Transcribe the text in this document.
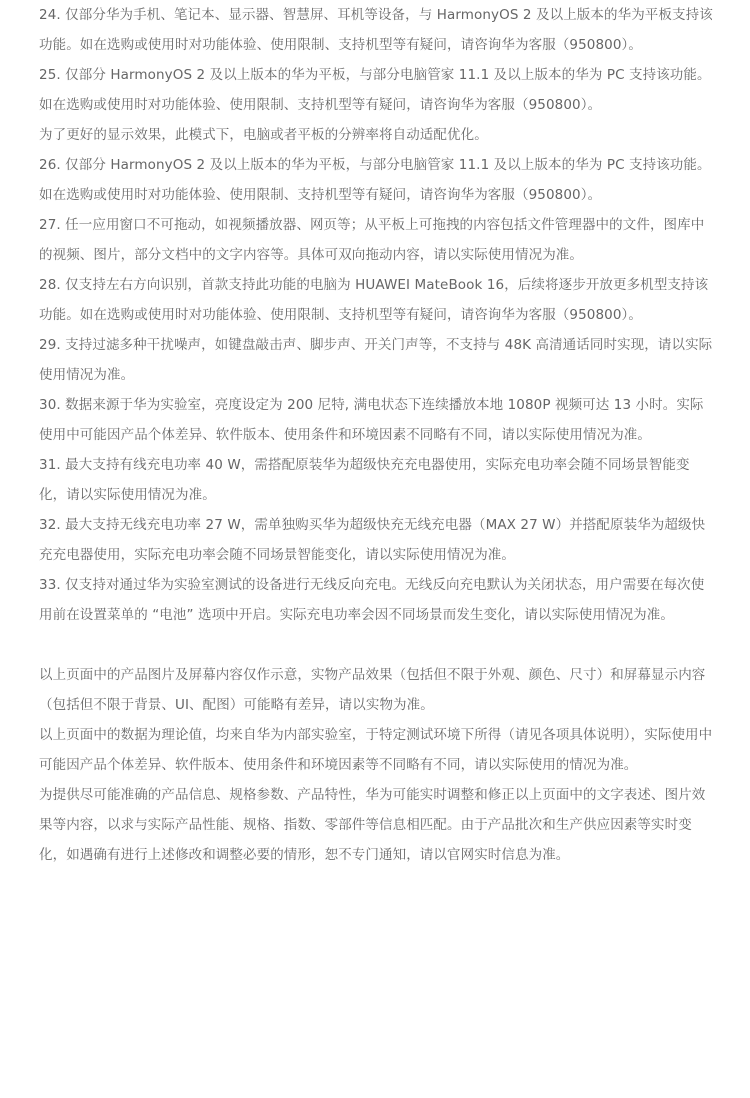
24. 仅部分华为手机、笔记本、显示器、智慧屏、耳机等设备，与 HarmonyOS 2 及以上版本的华为平板支持该功能。如在选购或使用时对功能体验、使用限制、支持机型等有疑问，请咨询华为客服（950800）。

25. 仅部分 HarmonyOS 2 及以上版本的华为平板，与部分电脑管家 11.1 及以上版本的华为 PC 支持该功能。如在选购或使用时对功能体验、使用限制、支持机型等有疑问，请咨询华为客服（950800）。

为了更好的显示效果，此模式下，电脑或者平板的分辨率将自动适配优化。

26. 仅部分 HarmonyOS 2 及以上版本的华为平板，与部分电脑管家 11.1 及以上版本的华为 PC 支持该功能。如在选购或使用时对功能体验、使用限制、支持机型等有疑问，请咨询华为客服（950800）。

27. 任一应用窗口不可拖动，如视频播放器、网页等；从平板上可拖拽的内容包括文件管理器中的文件，图库中的视频、图片，部分文档中的文字内容等。具体可双向拖动内容，请以实际使用情况为准。

28. 仅支持左右方向识别，首款支持此功能的电脑为 HUAWEI MateBook 16，后续将逐步开放更多机型支持该功能。如在选购或使用时对功能体验、使用限制、支持机型等有疑问，请咨询华为客服（950800）。

29. 支持过滤多种干扰噪声，如键盘敲击声、脚步声、开关门声等，不支持与 48K 高清通话同时实现，请以实际使用情况为准。

30. 数据来源于华为实验室，亮度设定为 200 尼特, 满电状态下连续播放本地 1080P 视频可达 13 小时。实际使用中可能因产品个体差异、软件版本、使用条件和环境因素不同略有不同，请以实际使用情况为准。

31. 最大支持有线充电功率 40 W，需搭配原装华为超级快充充电器使用，实际充电功率会随不同场景智能变化，请以实际使用情况为准。

32. 最大支持无线充电功率 27 W，需单独购买华为超级快充无线充电器（MAX 27 W）并搭配原装华为超级快充充电器使用，实际充电功率会随不同场景智能变化，请以实际使用情况为准。

33. 仅支持对通过华为实验室测试的设备进行无线反向充电。无线反向充电默认为关闭状态，用户需要在每次使用前在设置菜单的 “电池” 选项中开启。实际充电功率会因不同场景而发生变化，请以实际使用情况为准。

以上页面中的产品图片及屏幕内容仅作示意，实物产品效果（包括但不限于外观、颜色、尺寸）和屏幕显示内容（包括但不限于背景、UI、配图）可能略有差异，请以实物为准。

以上页面中的数据为理论值，均来自华为内部实验室，于特定测试环境下所得（请见各项具体说明），实际使用中可能因产品个体差异、软件版本、使用条件和环境因素等不同略有不同，请以实际使用的情况为准。

为提供尽可能准确的产品信息、规格参数、产品特性，华为可能实时调整和修正以上页面中的文字表述、图片效果等内容，以求与实际产品性能、规格、指数、零部件等信息相匹配。由于产品批次和生产供应因素等实时变化，如遇确有进行上述修改和调整必要的情形，恕不专门通知，请以官网实时信息为准。
